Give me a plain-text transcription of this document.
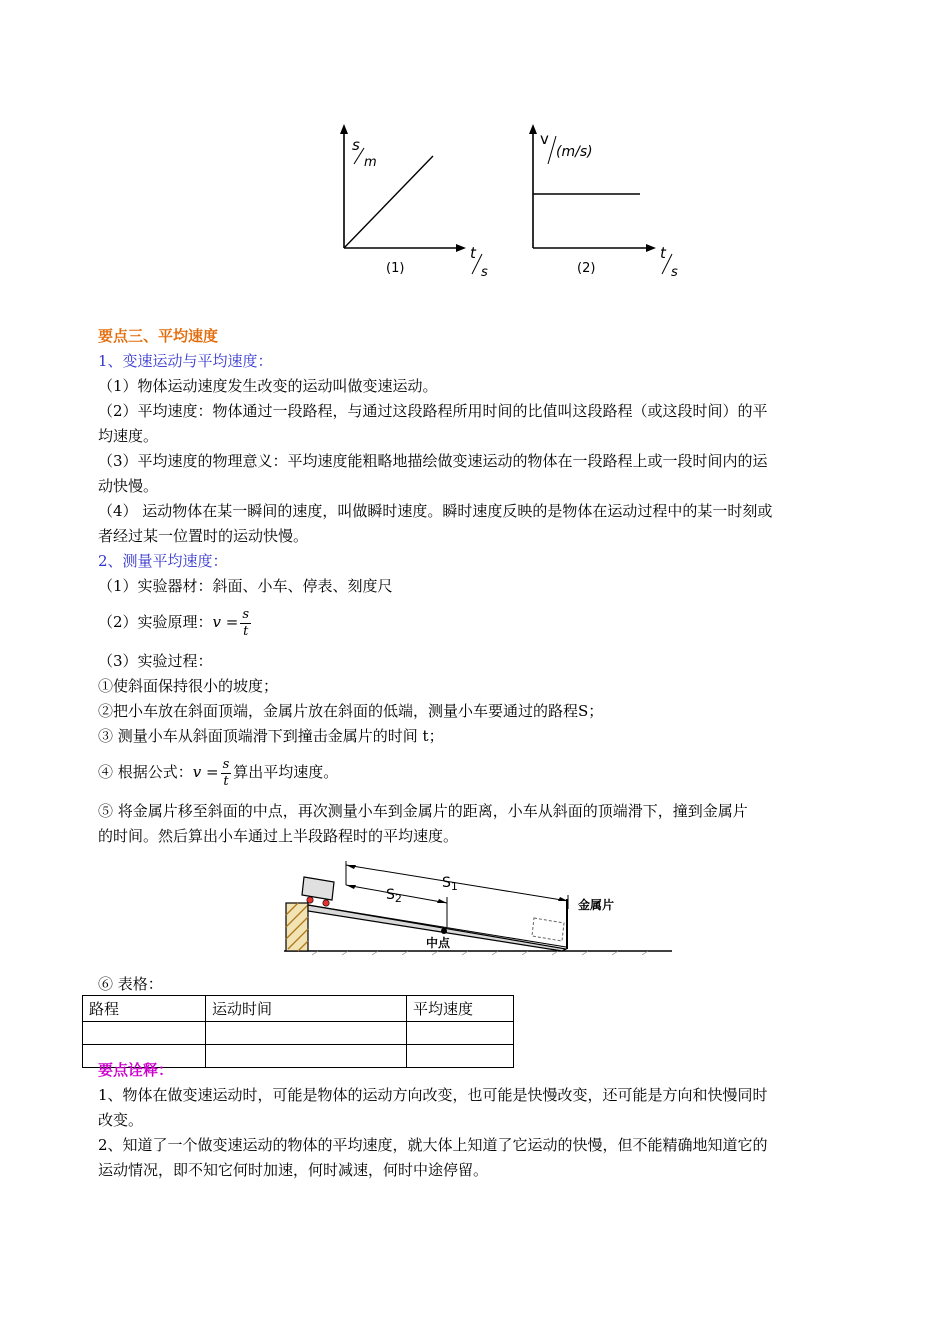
s
m
t
s
(1)
v
(m/s)
t
s
(2)
要点三、平均速度
1、变速运动与平均速度：
（1）物体运动速度发生改变的运动叫做变速运动。
（2）平均速度：物体通过一段路程，与通过这段路程所用时间的比值叫这段路程（或这段时间）的平
均速度。
（3）平均速度的物理意义：平均速度能粗略地描绘做变速运动的物体在一段路程上或一段时间内的运
动快慢。
（4） 运动物体在某一瞬间的速度，叫做瞬时速度。瞬时速度反映的是物体在运动过程中的某一时刻或
者经过某一位置时的运动快慢。
2、测量平均速度：
（1）实验器材：斜面、小车、停表、刻度尺
（2）实验原理：$v = \frac{s}{t}$
（3）实验过程：
①使斜面保持很小的坡度；
②把小车放在斜面顶端，金属片放在斜面的低端，测量小车要通过的路程S；
③ 测量小车从斜面顶端滑下到撞击金属片的时间 t；
④ 根据公式：$v = \frac{s}{t}$ 算出平均速度。
⑤ 将金属片移至斜面的中点，再次测量小车到金属片的距离，小车从斜面的顶端滑下，撞到金属片
的时间。然后算出小车通过上半段路程时的平均速度。
$S_1$
$S_2$
中点
金属片
⑥ 表格：
路程	运动时间	平均速度

要点诠释：
1、物体在做变速运动时，可能是物体的运动方向改变，也可能是快慢改变，还可能是方向和快慢同时
改变。
2、知道了一个做变速运动的物体的平均速度，就大体上知道了它运动的快慢，但不能精确地知道它的
运动情况，即不知它何时加速，何时减速，何时中途停留。
